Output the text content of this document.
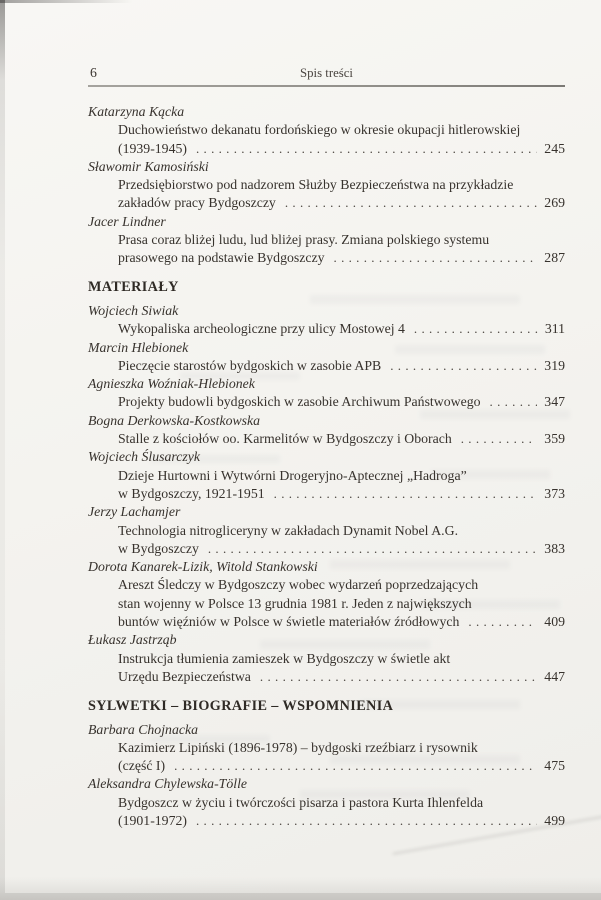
6	Spis treści
Katarzyna Kącka
Duchowieństwo dekanatu fordońskiego w okresie okupacji hitlerowskiej
(1939-1945) .....	245
Sławomir Kamosiński
Przedsiębiorstwo pod nadzorem Służby Bezpieczeństwa na przykładzie
zakładów pracy Bydgoszczy .....	269
Jacer Lindner
Prasa coraz bliżej ludu, lud bliżej prasy. Zmiana polskiego systemu
prasowego na podstawie Bydgoszczy .....	287
MATERIAŁY
Wojciech Siwiak
Wykopaliska archeologiczne przy ulicy Mostowej 4 .....	311
Marcin Hlebionek
Pieczęcie starostów bydgoskich w zasobie APB .....	319
Agnieszka Woźniak-Hlebionek
Projekty budowli bydgoskich w zasobie Archiwum Państwowego .....	347
Bogna Derkowska-Kostkowska
Stalle z kościołów oo. Karmelitów w Bydgoszczy i Oborach .....	359
Wojciech Ślusarczyk
Dzieje Hurtowni i Wytwórni Drogeryjno-Aptecznej „Hadroga”
w Bydgoszczy, 1921-1951 .....	373
Jerzy Lachamjer
Technologia nitrogliceryny w zakładach Dynamit Nobel A.G.
w Bydgoszczy .....	383
Dorota Kanarek-Lizik, Witold Stankowski
Areszt Śledczy w Bydgoszczy wobec wydarzeń poprzedzających
stan wojenny w Polsce 13 grudnia 1981 r. Jeden z największych
buntów więźniów w Polsce w świetle materiałów źródłowych .....	409
Łukasz Jastrząb
Instrukcja tłumienia zamieszek w Bydgoszczy w świetle akt
Urzędu Bezpieczeństwa .....	447
SYLWETKI – BIOGRAFIE – WSPOMNIENIA
Barbara Chojnacka
Kazimierz Lipiński (1896-1978) – bydgoski rzeźbiarz i rysownik
(część I) .....	475
Aleksandra Chylewska-Tölle
Bydgoszcz w życiu i twórczości pisarza i pastora Kurta Ihlenfelda
(1901-1972) .....	499
